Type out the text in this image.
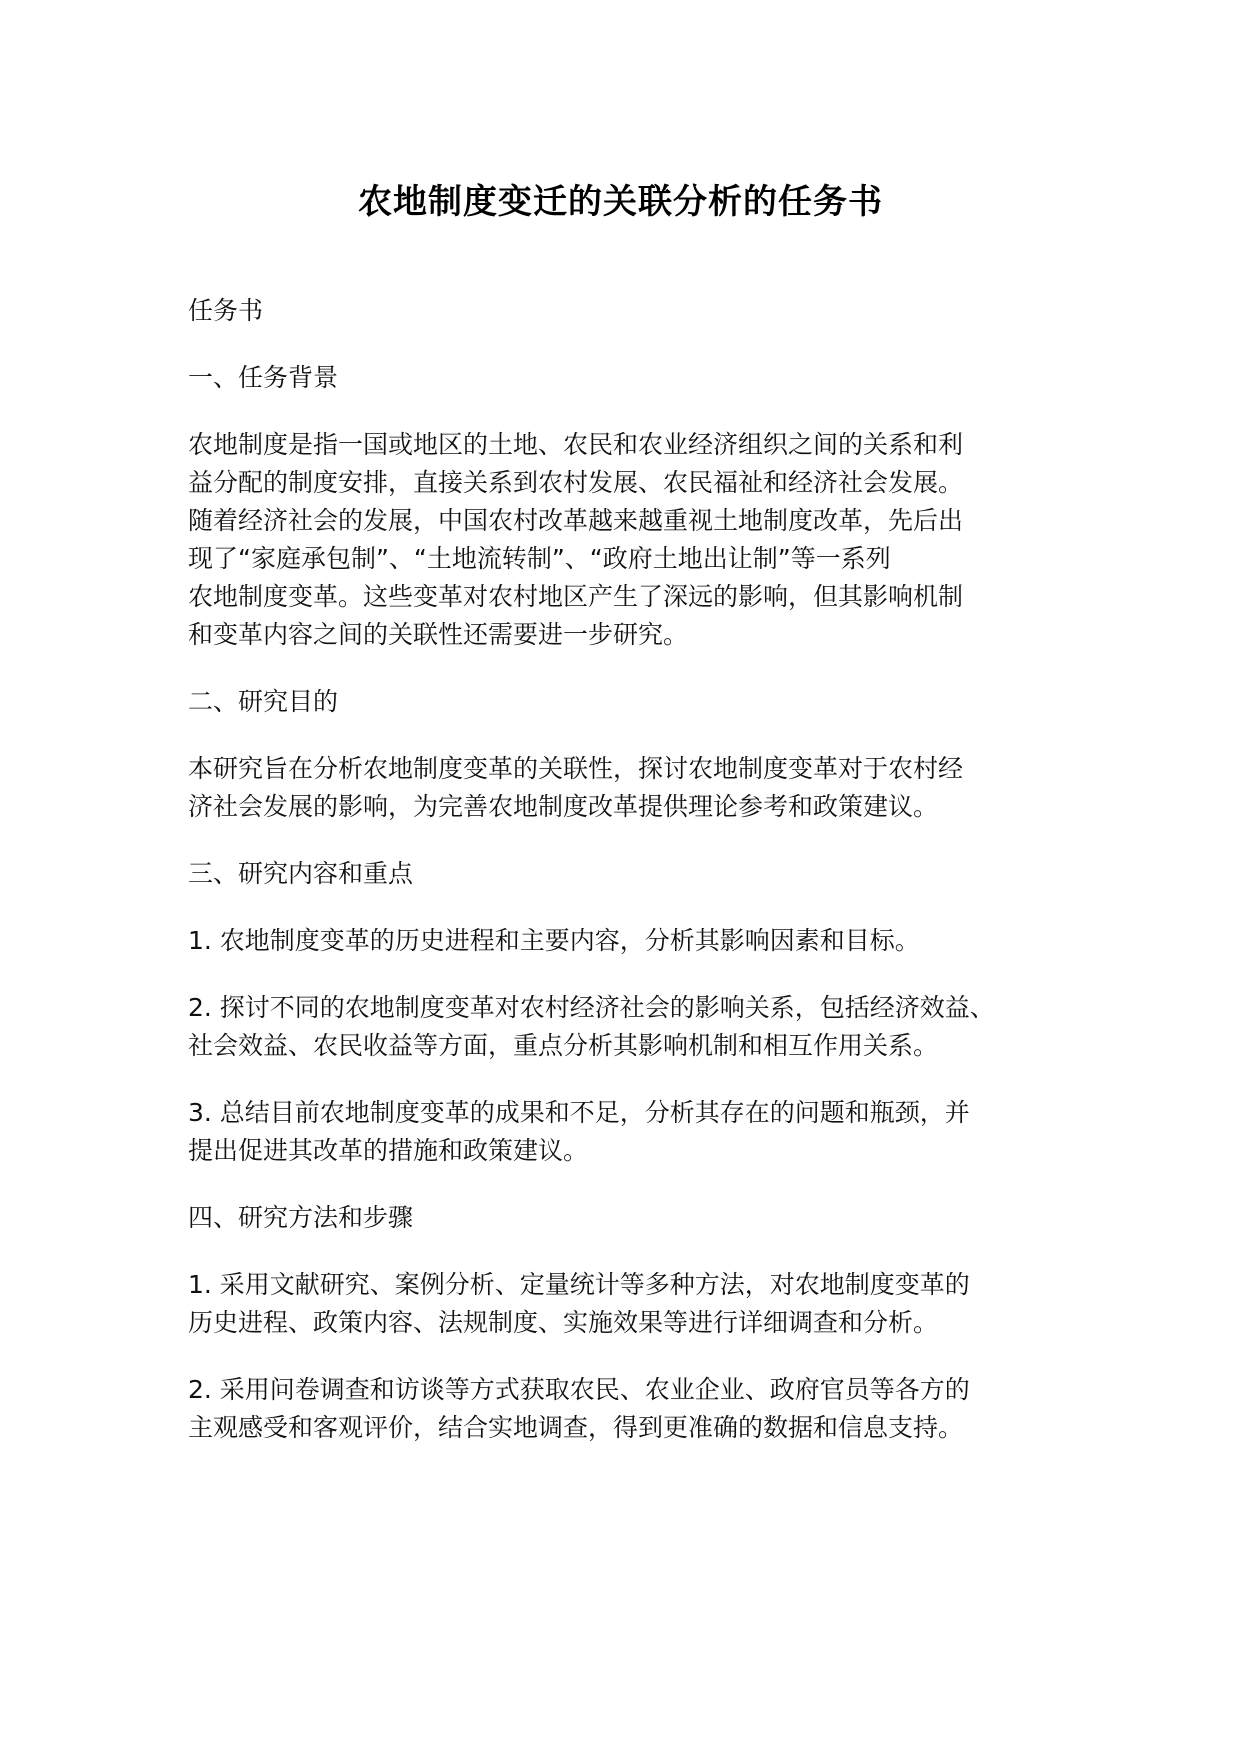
农地制度变迁的关联分析的任务书

任务书

一、任务背景

农地制度是指一国或地区的土地、农民和农业经济组织之间的关系和利
益分配的制度安排，直接关系到农村发展、农民福祉和经济社会发展。
随着经济社会的发展，中国农村改革越来越重视土地制度改革，先后出
现了“家庭承包制”、“土地流转制”、“政府土地出让制”等一系列
农地制度变革。这些变革对农村地区产生了深远的影响，但其影响机制
和变革内容之间的关联性还需要进一步研究。

二、研究目的

本研究旨在分析农地制度变革的关联性，探讨农地制度变革对于农村经
济社会发展的影响，为完善农地制度改革提供理论参考和政策建议。

三、研究内容和重点

1. 农地制度变革的历史进程和主要内容，分析其影响因素和目标。

2. 探讨不同的农地制度变革对农村经济社会的影响关系，包括经济效益、
社会效益、农民收益等方面，重点分析其影响机制和相互作用关系。

3. 总结目前农地制度变革的成果和不足，分析其存在的问题和瓶颈，并
提出促进其改革的措施和政策建议。

四、研究方法和步骤

1. 采用文献研究、案例分析、定量统计等多种方法，对农地制度变革的
历史进程、政策内容、法规制度、实施效果等进行详细调查和分析。

2. 采用问卷调查和访谈等方式获取农民、农业企业、政府官员等各方的
主观感受和客观评价，结合实地调查，得到更准确的数据和信息支持。
